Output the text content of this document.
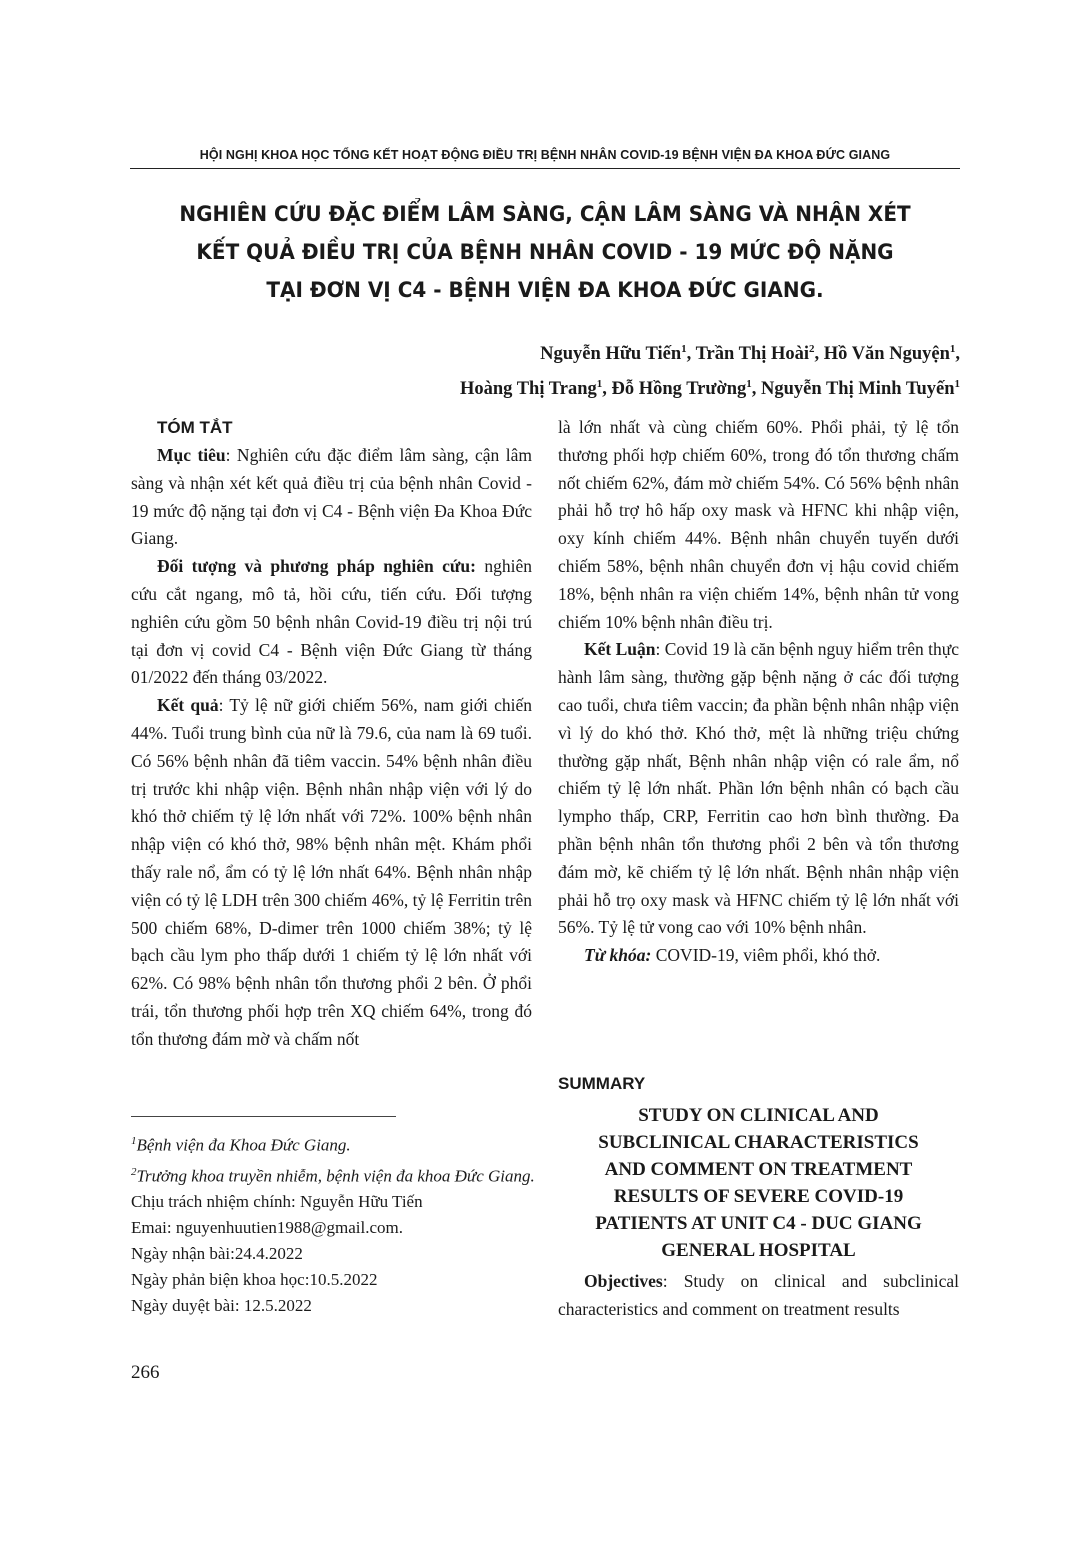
HỘI NGHỊ KHOA HỌC TỔNG KẾT HOẠT ĐỘNG ĐIỀU TRỊ BỆNH NHÂN COVID-19 BỆNH VIỆN ĐA KHOA ĐỨC GIANG
NGHIÊN CỨU ĐẶC ĐIỂM LÂM SÀNG, CẬN LÂM SÀNG VÀ NHẬN XÉT
KẾT QUẢ ĐIỀU TRỊ CỦA BỆNH NHÂN COVID - 19 MỨC ĐỘ NẶNG
TẠI ĐƠN VỊ C4 - BỆNH VIỆN ĐA KHOA ĐỨC GIANG.
Nguyễn Hữu Tiến$^1$, Trần Thị Hoài$^2$, Hồ Văn Nguyện$^1$,
Hoàng Thị Trang$^1$, Đỗ Hồng Trường$^1$, Nguyễn Thị Minh Tuyến$^1$

TÓM TẮT

Mục tiêu: Nghiên cứu đặc điểm lâm sàng, cận lâm sàng và nhận xét kết quả điều trị của bệnh nhân Covid - 19 mức độ nặng tại đơn vị C4 - Bệnh viện Đa Khoa Đức Giang.

Đối tượng và phương pháp nghiên cứu: nghiên cứu cắt ngang, mô tả, hồi cứu, tiến cứu. Đối tượng nghiên cứu gồm 50 bệnh nhân Covid-19 điều trị nội trú tại đơn vị covid C4 - Bệnh viện Đức Giang từ tháng 01/2022 đến tháng 03/2022.

Kết quả: Tỷ lệ nữ giới chiếm 56%, nam giới chiến 44%. Tuổi trung bình của nữ là 79.6, của nam là 69 tuổi. Có 56% bệnh nhân đã tiêm vaccin. 54% bệnh nhân điều trị trước khi nhập viện. Bệnh nhân nhập viện với lý do khó thở chiếm tỷ lệ lớn nhất với 72%. 100% bệnh nhân nhập viện có khó thở, 98% bệnh nhân mệt. Khám phổi thấy rale nổ, ẩm có tỷ lệ lớn nhất 64%. Bệnh nhân nhập viện có tỷ lệ LDH trên 300 chiếm 46%, tỷ lệ Ferritin trên 500 chiếm 68%, D-dimer trên 1000 chiếm 38%; tỷ lệ bạch cầu lym pho thấp dưới 1 chiếm tỷ lệ lớn nhất với 62%. Có 98% bệnh nhân tổn thương phổi 2 bên. Ở phổi trái, tổn thương phối hợp trên XQ chiếm 64%, trong đó tổn thương đám mờ và chấm nốt

$^1$Bệnh viện đa Khoa Đức Giang.
$^2$Trưởng khoa truyền nhiễm, bệnh viện đa khoa Đức Giang.
Chịu trách nhiệm chính: Nguyễn Hữu Tiến
Emai: nguyenhuutien1988@gmail.com.
Ngày nhận bài:24.4.2022
Ngày phản biện khoa học:10.5.2022
Ngày duyệt bài: 12.5.2022

là lớn nhất và cùng chiếm 60%. Phổi phải, tỷ lệ tổn thương phối hợp chiếm 60%, trong đó tổn thương chấm nốt chiếm 62%, đám mờ chiếm 54%. Có 56% bệnh nhân phải hỗ trợ hô hấp oxy mask và HFNC khi nhập viện, oxy kính chiếm 44%. Bệnh nhân chuyển tuyến dưới chiếm 58%, bệnh nhân chuyển đơn vị hậu covid chiếm 18%, bệnh nhân ra viện chiếm 14%, bệnh nhân tử vong chiếm 10% bệnh nhân điều trị.

Kết Luận: Covid 19 là căn bệnh nguy hiểm trên thực hành lâm sàng, thường gặp bệnh nặng ở các đối tượng cao tuổi, chưa tiêm vaccin; đa phần bệnh nhân nhập viện vì lý do khó thở. Khó thở, mệt là những triệu chứng thường gặp nhất, Bệnh nhân nhập viện có rale ẩm, nổ chiếm tỷ lệ lớn nhất. Phần lớn bệnh nhân có bạch cầu lympho thấp, CRP, Ferritin cao hơn bình thường. Đa phần bệnh nhân tổn thương phổi 2 bên và tổn thương đám mờ, kẽ chiếm tỷ lệ lớn nhất. Bệnh nhân nhập viện phải hỗ trọ oxy mask và HFNC chiếm tỷ lệ lớn nhất với 56%. Tỷ lệ tử vong cao với 10% bệnh nhân.

Từ khóa: COVID-19, viêm phổi, khó thở.

SUMMARY
STUDY ON CLINICAL AND
SUBCLINICAL CHARACTERISTICS
AND COMMENT ON TREATMENT
RESULTS OF SEVERE COVID-19
PATIENTS AT UNIT C4 - DUC GIANG
GENERAL HOSPITAL

Objectives: Study on clinical and subclinical characteristics and comment on treatment results

266
